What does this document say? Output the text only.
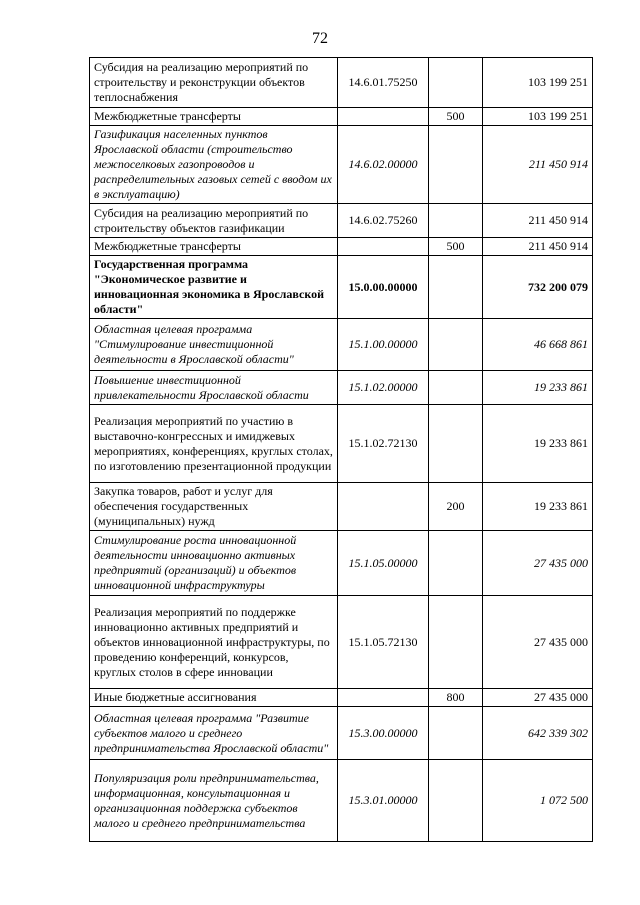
72
Субсидия на реализацию мероприятий по строительству и реконструкции объектов теплоснабжения	14.6.01.75250		103 199 251
Межбюджетные трансферты		500	103 199 251
Газификация населенных пунктов Ярославской области (строительство межпоселковых газопроводов и распределительных газовых сетей с вводом их в эксплуатацию)	14.6.02.00000		211 450 914
Субсидия на реализацию мероприятий по строительству объектов газификации	14.6.02.75260		211 450 914
Межбюджетные трансферты		500	211 450 914
Государственная программа "Экономическое развитие и инновационная экономика в Ярославской области"	15.0.00.00000		732 200 079
Областная целевая программа "Стимулирование инвестиционной деятельности в Ярославской области"	15.1.00.00000		46 668 861
Повышение инвестиционной привлекательности Ярославской области	15.1.02.00000		19 233 861
Реализация мероприятий по участию в выставочно-конгрессных и имиджевых мероприятиях, конференциях, круглых столах, по изготовлению презентационной продукции	15.1.02.72130		19 233 861
Закупка товаров, работ и услуг для обеспечения государственных (муниципальных) нужд		200	19 233 861
Стимулирование роста инновационной деятельности инновационно активных предприятий (организаций) и объектов инновационной инфраструктуры	15.1.05.00000		27 435 000
Реализация мероприятий по поддержке инновационно активных предприятий и объектов инновационной инфраструктуры, по проведению конференций, конкурсов, круглых столов в сфере инновации	15.1.05.72130		27 435 000
Иные бюджетные ассигнования		800	27 435 000
Областная целевая программа "Развитие субъектов малого и среднего предпринимательства Ярославской области"	15.3.00.00000		642 339 302
Популяризация роли предпринимательства, информационная, консультационная и организационная поддержка субъектов малого и среднего предпринимательства	15.3.01.00000		1 072 500
